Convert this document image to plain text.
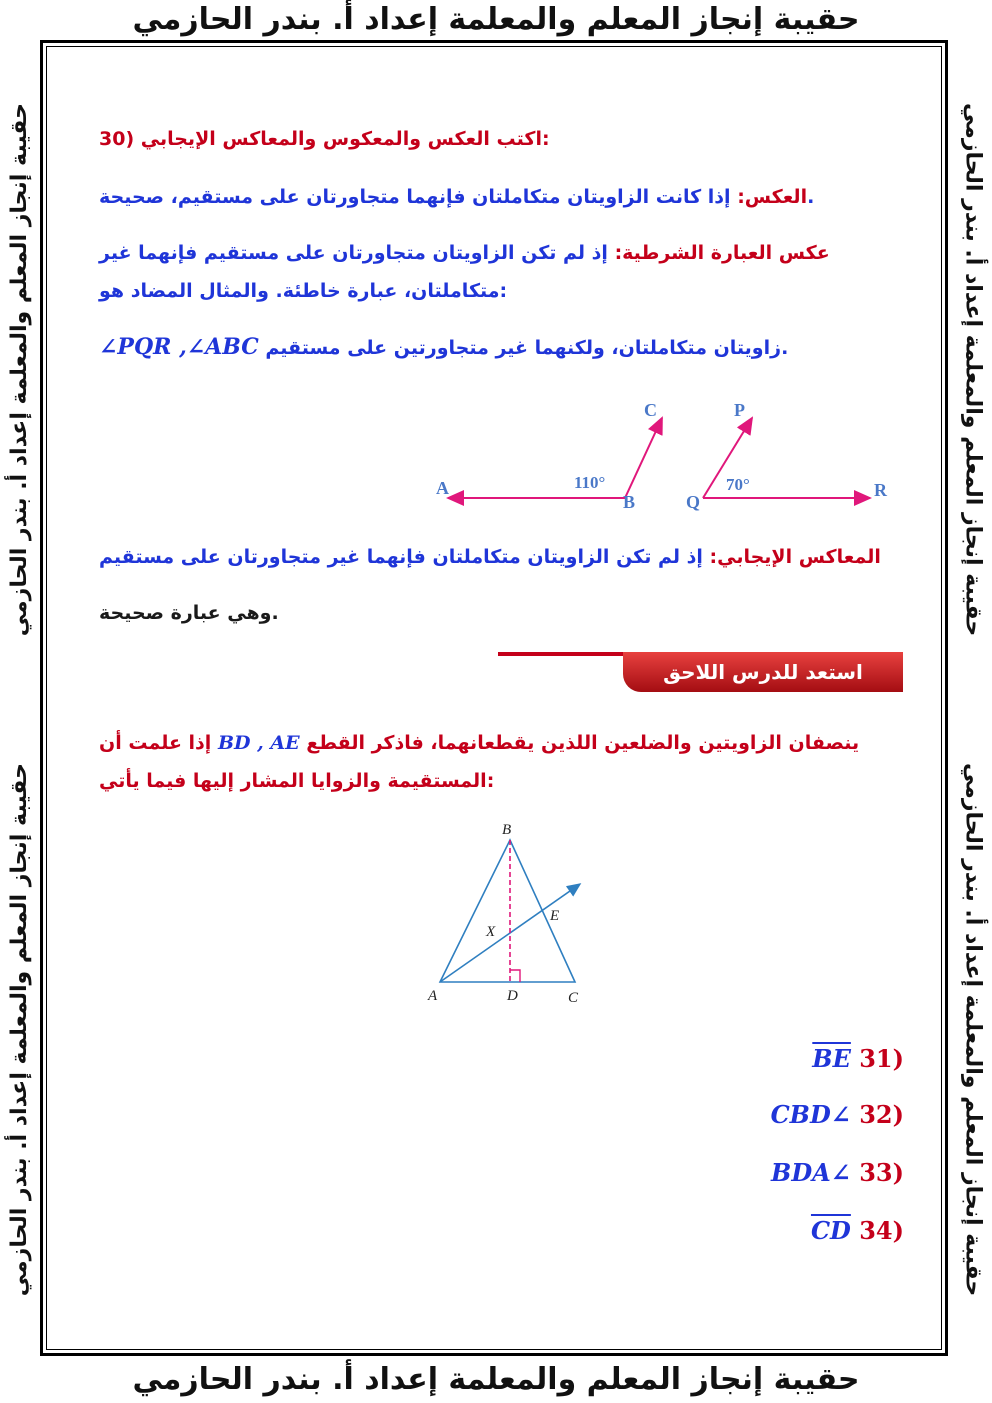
حقيبة إنجاز المعلم والمعلمة إعداد أ. بندر الحازمي
حقيبة إنجاز المعلم والمعلمة إعداد أ. بندر الحازمي
حقيبة إنجاز المعلم والمعلمة إعداد أ. بندر الحازمي
حقيبة إنجاز المعلم والمعلمة إعداد أ. بندر الحازمي
حقيبة إنجاز المعلم والمعلمة إعداد أ. بندر الحازمي
حقيبة إنجاز المعلم والمعلمة إعداد أ. بندر الحازمي
30) اكتب العكس والمعكوس والمعاكس الإيجابي:
العكس: إذا كانت الزاويتان متكاملتان فإنهما متجاورتان على مستقيم، صحيحة.
عكس العبارة الشرطية: إذ لم تكن الزاويتان متجاورتان على مستقيم فإنهما غير
متكاملتان، عبارة خاطئة. والمثال المضاد هو:
∠PQR ,∠ABC زاويتان متكاملتان، ولكنهما غير متجاورتين على مستقيم.
A
B
C	P
Q
R
110°	70°
المعاكس الإيجابي: إذ لم تكن الزاويتان متكاملتان فإنهما غير متجاورتان على مستقيم
وهي عبارة صحيحة.
استعد للدرس اللاحق
إذا علمت أن BD , AE ينصفان الزاويتين والضلعين اللذين يقطعانهما، فاذكر القطع
المستقيمة والزوايا المشار إليها فيما يأتي:
B
A	D	C
E
X
(31 BE
(32 ∠CBD
(33 ∠BDA
(34 CD
